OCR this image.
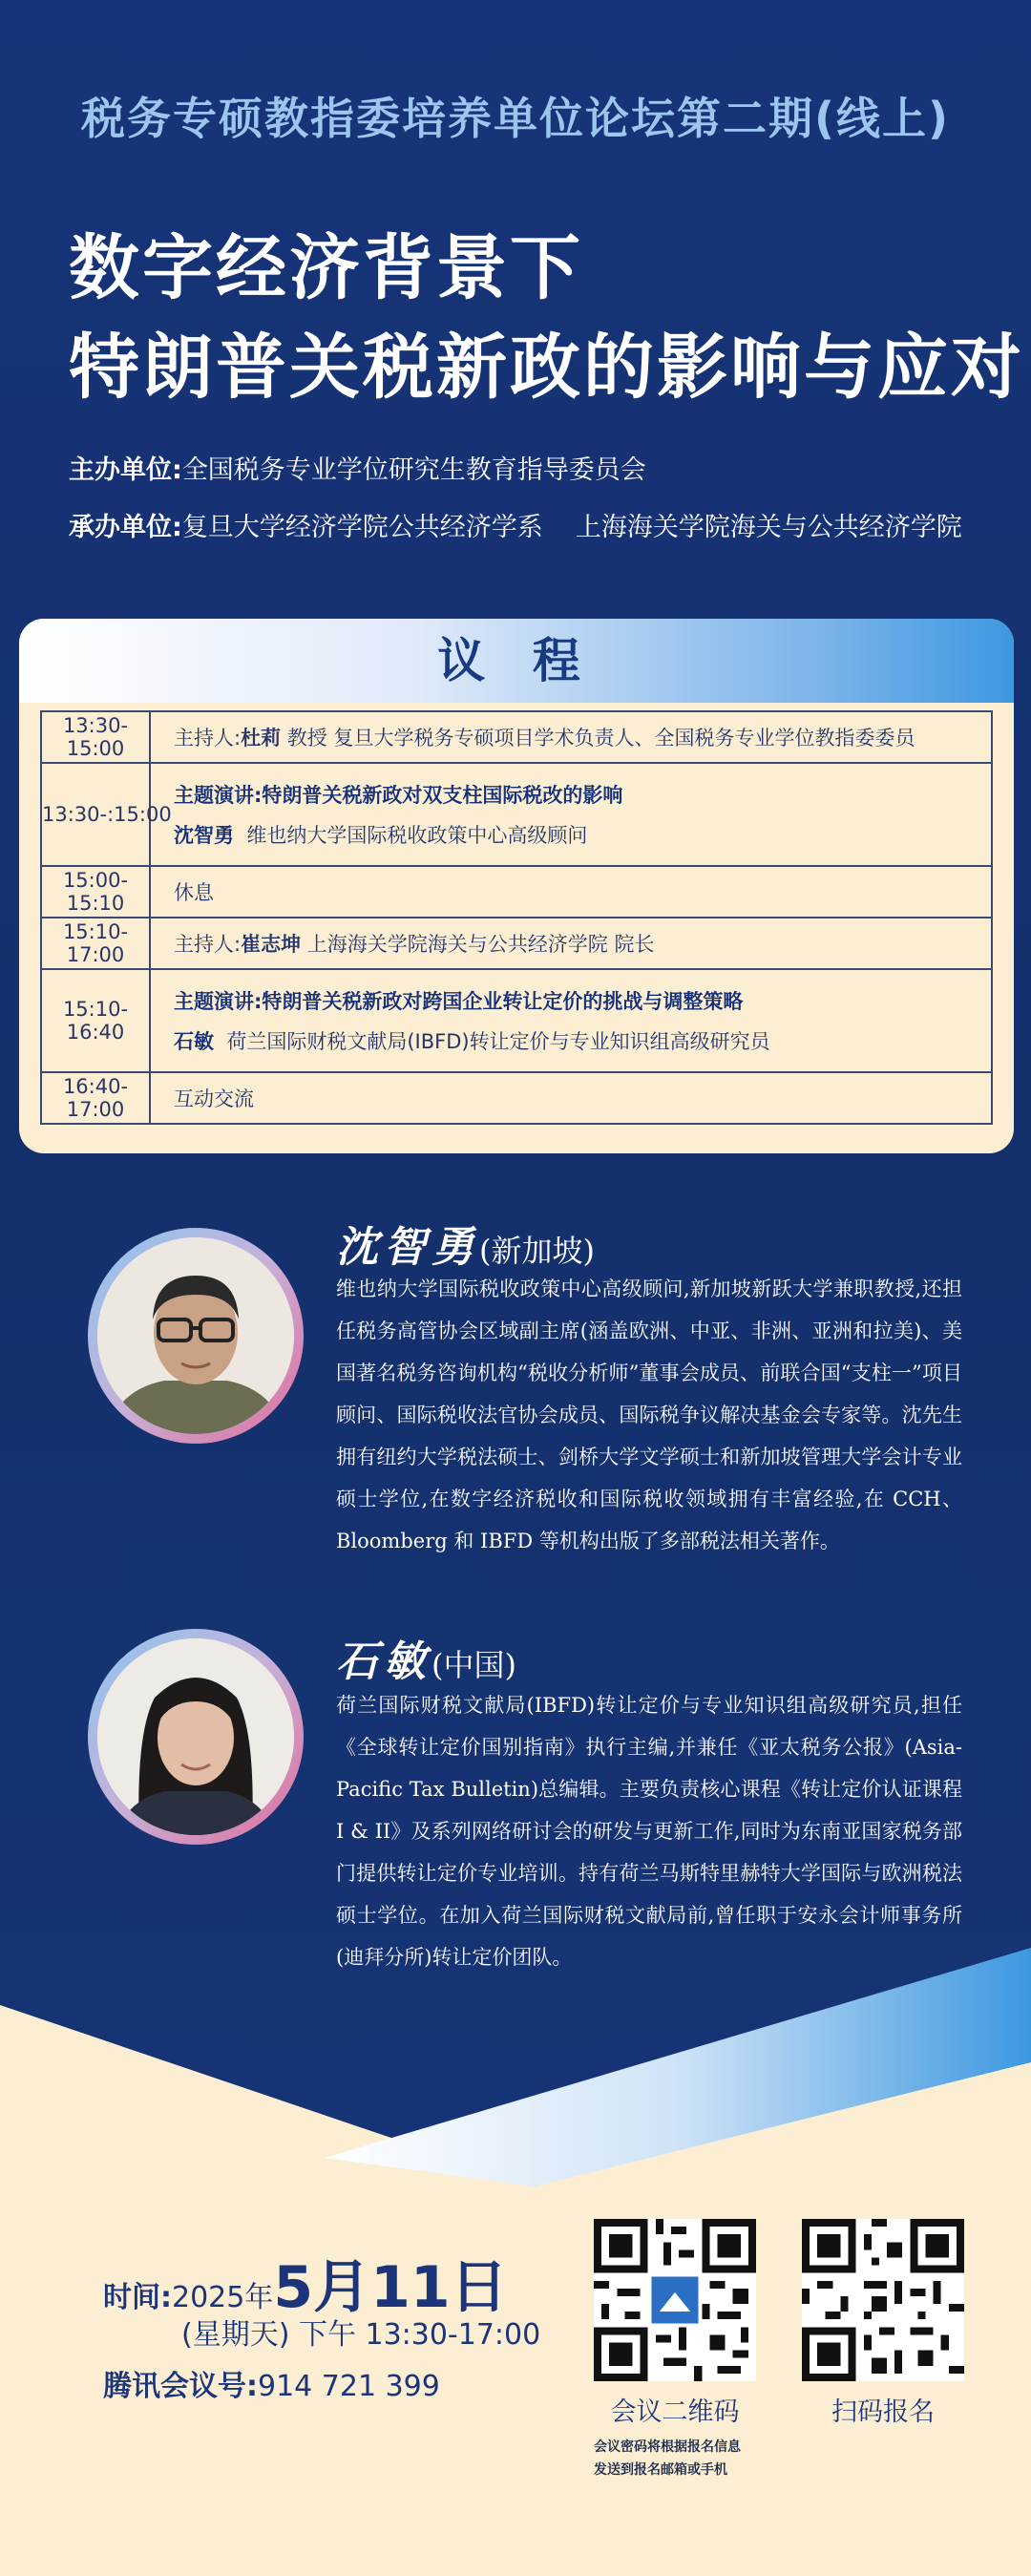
税务专硕教指委培养单位论坛第二期(线上)
数字经济背景下
特朗普关税新政的影响与应对
主办单位:全国税务专业学位研究生教育指导委员会
承办单位:复旦大学经济学院公共经济学系 上海海关学院海关与公共经济学院
议 程
13:30-15:00	主持人:杜莉 教授 复旦大学税务专硕项目学术负责人、全国税务专业学位教指委委员
13:30-:15:00	主题演讲:特朗普关税新政对双支柱国际税改的影响
沈智勇 维也纳大学国际税收政策中心高级顾问

15:00-15:10	休息
15:10-17:00	主持人:崔志坤 上海海关学院海关与公共经济学院 院长
15:10-16:40	主题演讲:特朗普关税新政对跨国企业转让定价的挑战与调整策略
石敏 荷兰国际财税文献局(IBFD)转让定价与专业知识组高级研究员

16:40-17:00	互动交流
沈智勇(新加坡)
维也纳大学国际税收政策中心高级顾问,新加坡新跃大学兼职教授,还担任税务高管协会区域副主席(涵盖欧洲、中亚、非洲、亚洲和拉美)、美国著名税务咨询机构“税收分析师”董事会成员、前联合国“支柱一”项目顾问、国际税收法官协会成员、国际税争议解决基金会专家等。沈先生拥有纽约大学税法硕士、剑桥大学文学硕士和新加坡管理大学会计专业硕士学位,在数字经济税收和国际税收领域拥有丰富经验,在 CCH、Bloomberg 和 IBFD 等机构出版了多部税法相关著作。
石敏(中国)
荷兰国际财税文献局(IBFD)转让定价与专业知识组高级研究员,担任《全球转让定价国别指南》执行主编,并兼任《亚太税务公报》(Asia-Pacific Tax Bulletin)总编辑。主要负责核心课程《转让定价认证课程 I & II》及系列网络研讨会的研发与更新工作,同时为东南亚国家税务部门提供转让定价专业培训。持有荷兰马斯特里赫特大学国际与欧洲税法硕士学位。在加入荷兰国际财税文献局前,曾任职于安永会计师事务所(迪拜分所)转让定价团队。
时间:2025年5月11日
(星期天) 下午 13:30-17:00
腾讯会议号:914 721 399
会议二维码	扫码报名
会议密码将根据报名信息
发送到报名邮箱或手机
